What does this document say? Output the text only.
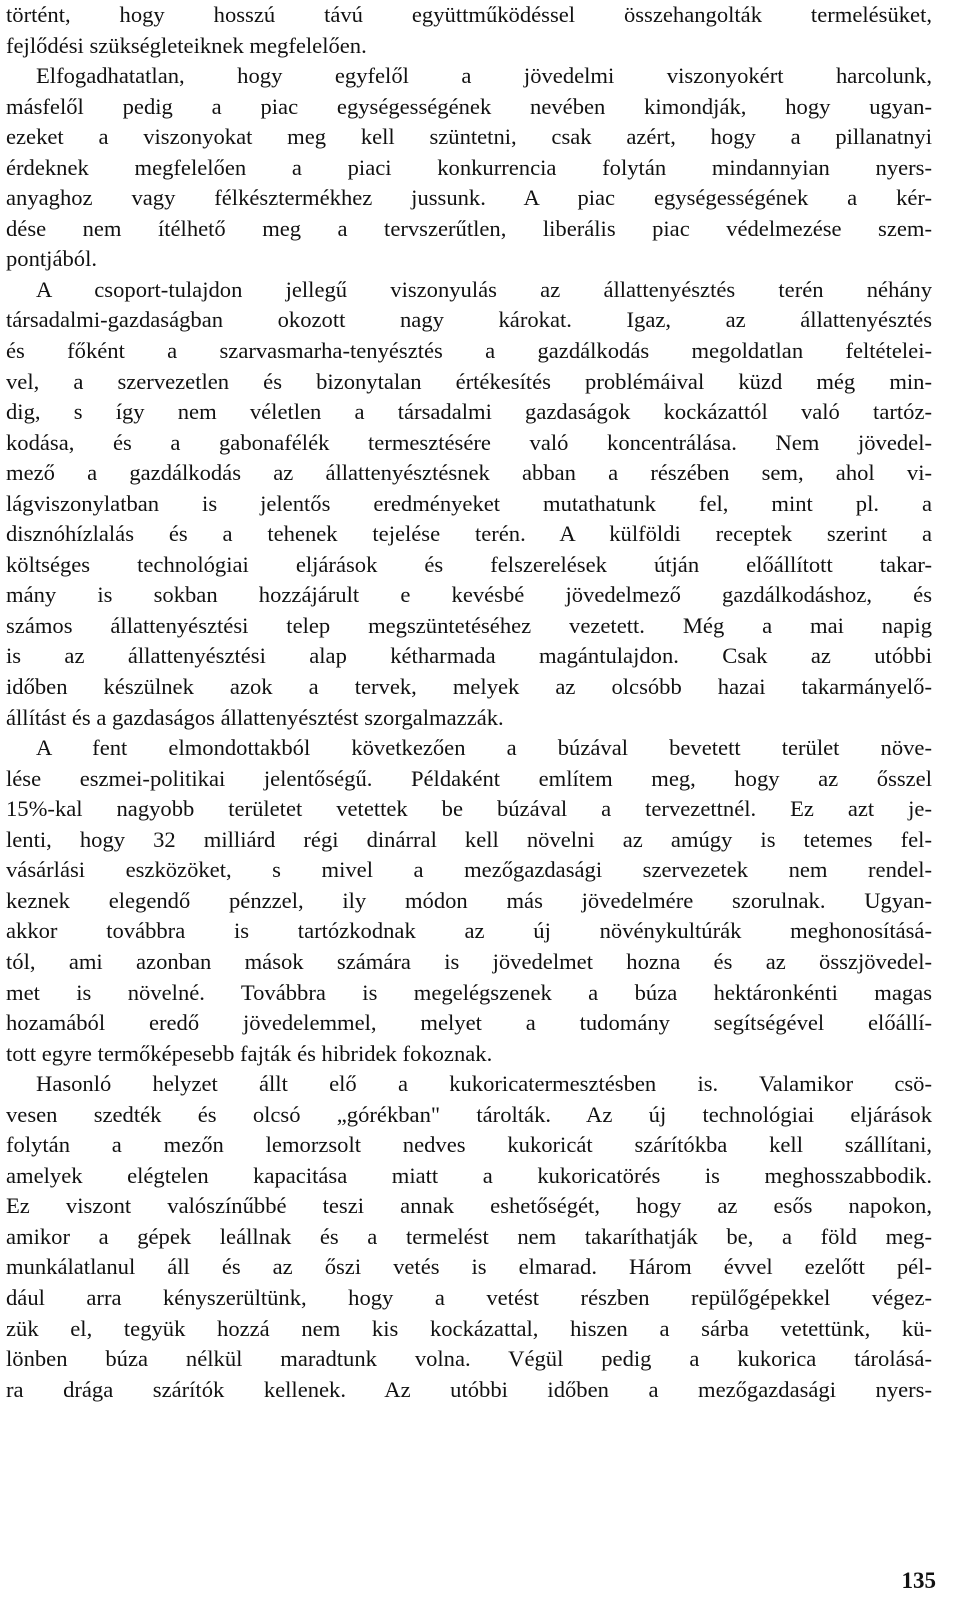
történt, hogy hosszú távú együttműködéssel összehangolták termelésüket,
fejlődési szükségleteiknek megfelelően.
Elfogadhatatlan, hogy egyfelől a jövedelmi viszonyokért harcolunk,
másfelől pedig a piac egységességének nevében kimondják, hogy ugyan-
ezeket a viszonyokat meg kell szüntetni, csak azért, hogy a pillanatnyi
érdeknek megfelelően a piaci konkurrencia folytán mindannyian nyers-
anyaghoz vagy félkésztermékhez jussunk. A piac egységességének a kér-
dése nem ítélhető meg a tervszerűtlen, liberális piac védelmezése szem-
pontjából.
A csoport-tulajdon jellegű viszonyulás az állattenyésztés terén néhány
társadalmi-gazdaságban okozott nagy károkat. Igaz, az állattenyésztés
és főként a szarvasmarha-tenyésztés a gazdálkodás megoldatlan feltételei-
vel, a szervezetlen és bizonytalan értékesítés problémáival küzd még min-
dig, s így nem véletlen a társadalmi gazdaságok kockázattól való tartóz-
kodása, és a gabonafélék termesztésére való koncentrálása. Nem jövedel-
mező a gazdálkodás az állattenyésztésnek abban a részében sem, ahol vi-
lágviszonylatban is jelentős eredményeket mutathatunk fel, mint pl. a
disznóhízlalás és a tehenek tejelése terén. A külföldi receptek szerint a
költséges technológiai eljárások és felszerelések útján előállított takar-
mány is sokban hozzájárult e kevésbé jövedelmező gazdálkodáshoz, és
számos állattenyésztési telep megszüntetéséhez vezetett. Még a mai napig
is az állattenyésztési alap kétharmada magántulajdon. Csak az utóbbi
időben készülnek azok a tervek, melyek az olcsóbb hazai takarmányelő-
állítást és a gazdaságos állattenyésztést szorgalmazzák.
A fent elmondottakból következően a búzával bevetett terület növe-
lése eszmei-politikai jelentőségű. Példaként említem meg, hogy az ősszel
15%-kal nagyobb területet vetettek be búzával a tervezettnél. Ez azt je-
lenti, hogy 32 milliárd régi dinárral kell növelni az amúgy is tetemes fel-
vásárlási eszközöket, s mivel a mezőgazdasági szervezetek nem rendel-
keznek elegendő pénzzel, ily módon más jövedelmére szorulnak. Ugyan-
akkor továbbra is tartózkodnak az új növénykultúrák meghonosításá-
tól, ami azonban mások számára is jövedelmet hozna és az összjövedel-
met is növelné. Továbbra is megelégszenek a búza hektáronkénti magas
hozamából eredő jövedelemmel, melyet a tudomány segítségével előállí-
tott egyre termőképesebb fajták és hibridek fokoznak.
Hasonló helyzet állt elő a kukoricatermesztésben is. Valamikor csö-
vesen szedték és olcsó „górékban" tárolták. Az új technológiai eljárások
folytán a mezőn lemorzsolt nedves kukoricát szárítókba kell szállítani,
amelyek elégtelen kapacitása miatt a kukoricatörés is meghosszabbodik.
Ez viszont valószínűbbé teszi annak eshetőségét, hogy az esős napokon,
amikor a gépek leállnak és a termelést nem takaríthatják be, a föld meg-
munkálatlanul áll és az őszi vetés is elmarad. Három évvel ezelőtt pél-
dául arra kényszerültünk, hogy a vetést részben repülőgépekkel végez-
zük el, tegyük hozzá nem kis kockázattal, hiszen a sárba vetettünk, kü-
lönben búza nélkül maradtunk volna. Végül pedig a kukorica tárolásá-
ra drága szárítók kellenek. Az utóbbi időben a mezőgazdasági nyers-
135
